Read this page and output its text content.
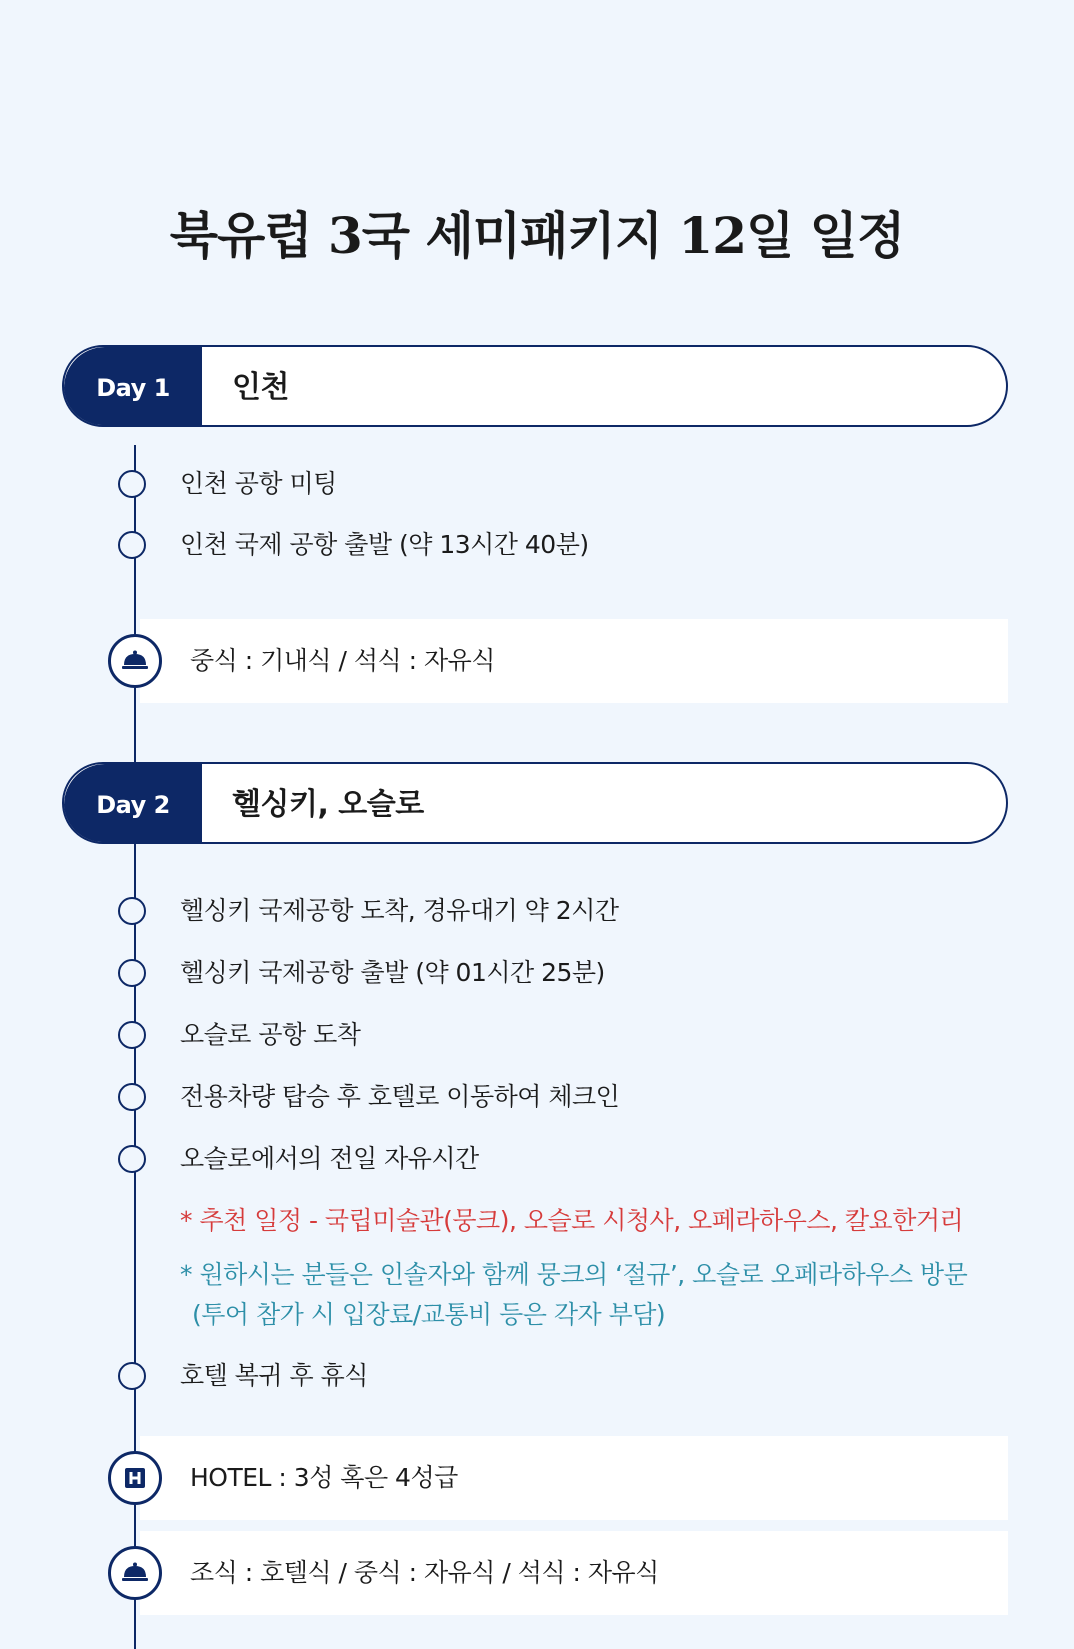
북유럽 3국 세미패키지 12일 일정
Day 1	인천
인천 공항 미팅
인천 국제 공항 출발 (약 13시간 40분)
중식 : 기내식 / 석식 : 자유식
Day 2	헬싱키, 오슬로
헬싱키 국제공항 도착, 경유대기 약 2시간
헬싱키 국제공항 출발 (약 01시간 25분)
오슬로 공항 도착
전용차량 탑승 후 호텔로 이동하여 체크인
오슬로에서의 전일 자유시간
* 추천 일정 - 국립미술관(뭉크), 오슬로 시청사, 오페라하우스, 칼요한거리
* 원하시는 분들은 인솔자와 함께 뭉크의 ‘절규’, 오슬로 오페라하우스 방문
(투어 참가 시 입장료/교통비 등은 각자 부담)
호텔 복귀 후 휴식
HOTEL : 3성 혹은 4성급
조식 : 호텔식 / 중식 : 자유식 / 석식 : 자유식
